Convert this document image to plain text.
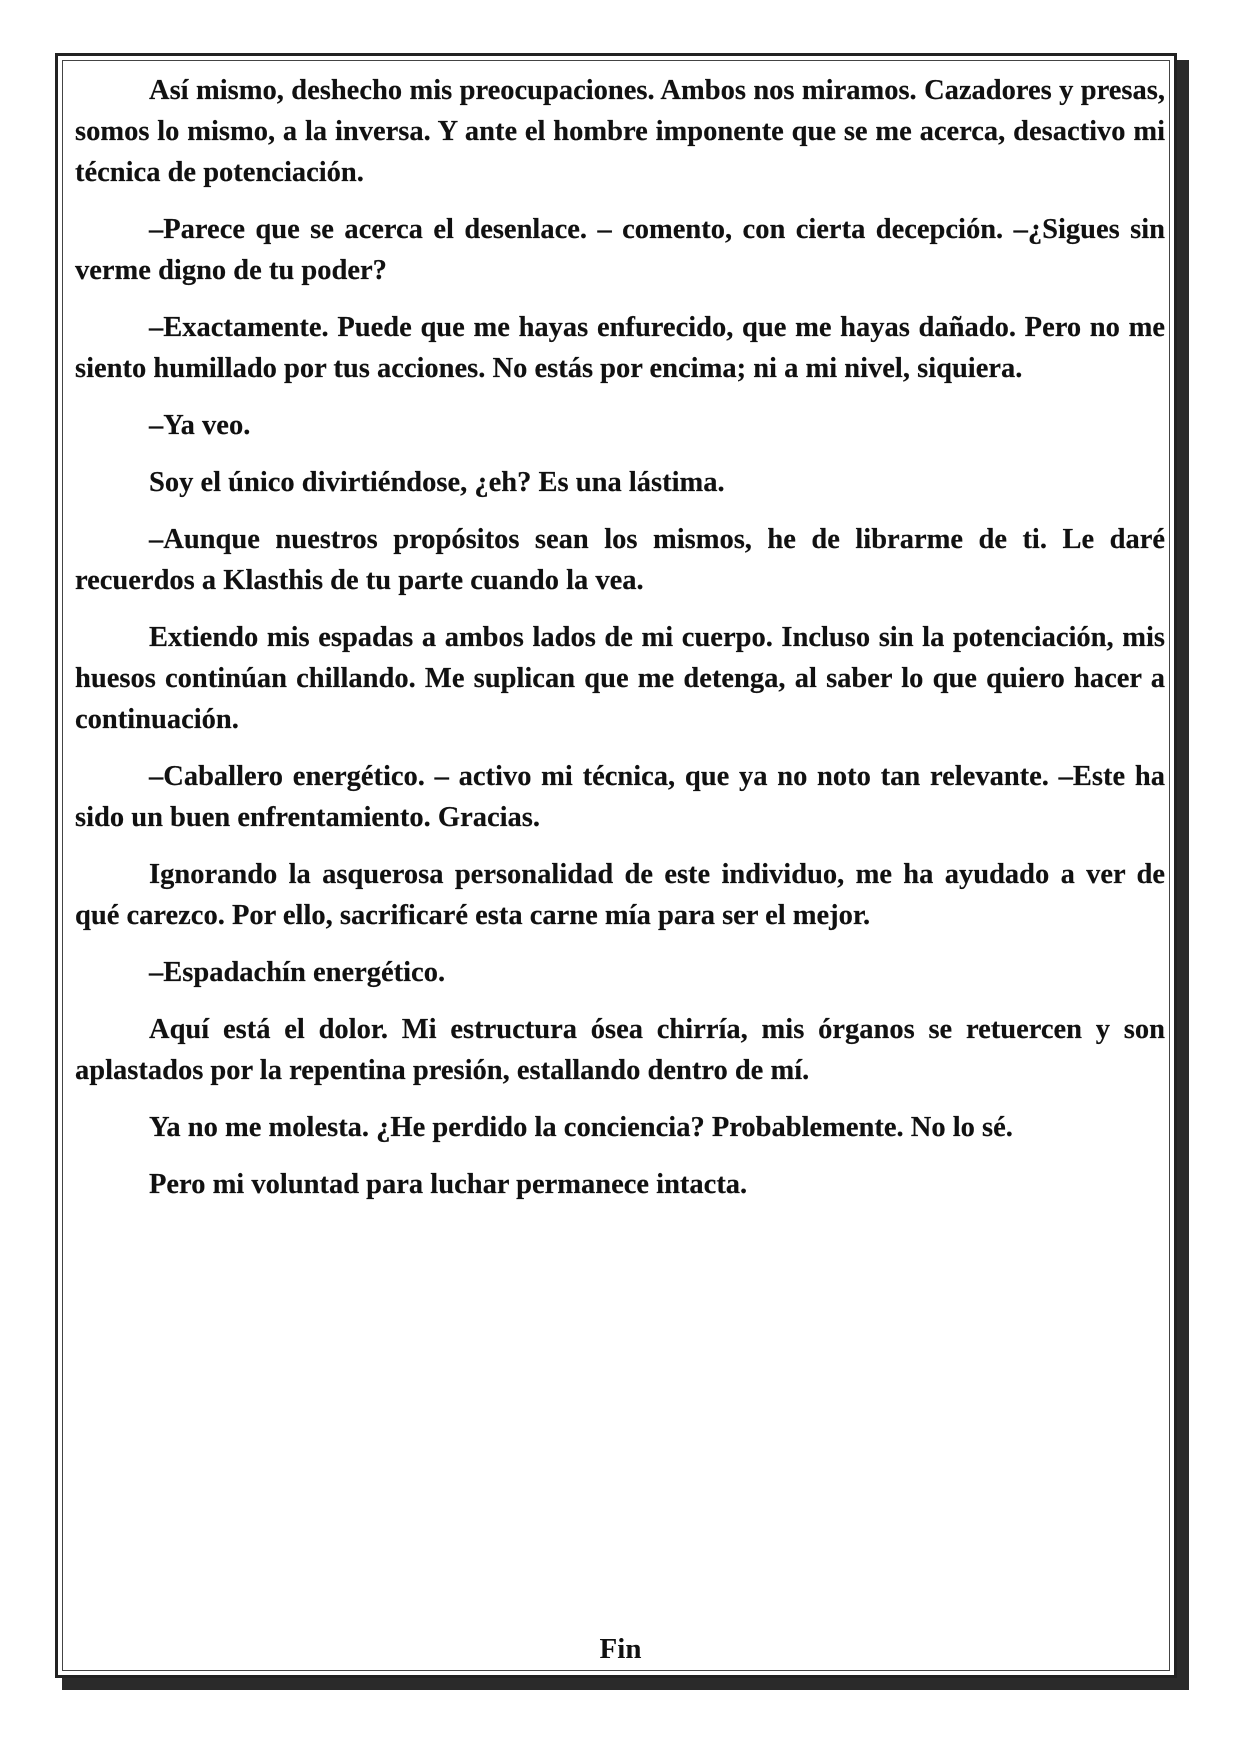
Así mismo, deshecho mis preocupaciones. Ambos nos miramos. Cazadores y presas, somos lo mismo, a la inversa. Y ante el hombre imponente que se me acerca, desactivo mi técnica de potenciación.

–Parece que se acerca el desenlace. – comento, con cierta decepción. –¿Sigues sin verme digno de tu poder?

–Exactamente. Puede que me hayas enfurecido, que me hayas dañado. Pero no me siento humillado por tus acciones. No estás por encima; ni a mi nivel, siquiera.

–Ya veo.

Soy el único divirtiéndose, ¿eh? Es una lástima.

–Aunque nuestros propósitos sean los mismos, he de librarme de ti. Le daré recuerdos a Klasthis de tu parte cuando la vea.

Extiendo mis espadas a ambos lados de mi cuerpo. Incluso sin la potenciación, mis huesos continúan chillando. Me suplican que me detenga, al saber lo que quiero hacer a continuación.

–Caballero energético. – activo mi técnica, que ya no noto tan relevante. –Este ha sido un buen enfrentamiento. Gracias.

Ignorando la asquerosa personalidad de este individuo, me ha ayudado a ver de qué carezco. Por ello, sacrificaré esta carne mía para ser el mejor.

–Espadachín energético.

Aquí está el dolor. Mi estructura ósea chirría, mis órganos se retuercen y son aplastados por la repentina presión, estallando dentro de mí.

Ya no me molesta. ¿He perdido la conciencia? Probablemente. No lo sé.

Pero mi voluntad para luchar permanece intacta.

Fin
